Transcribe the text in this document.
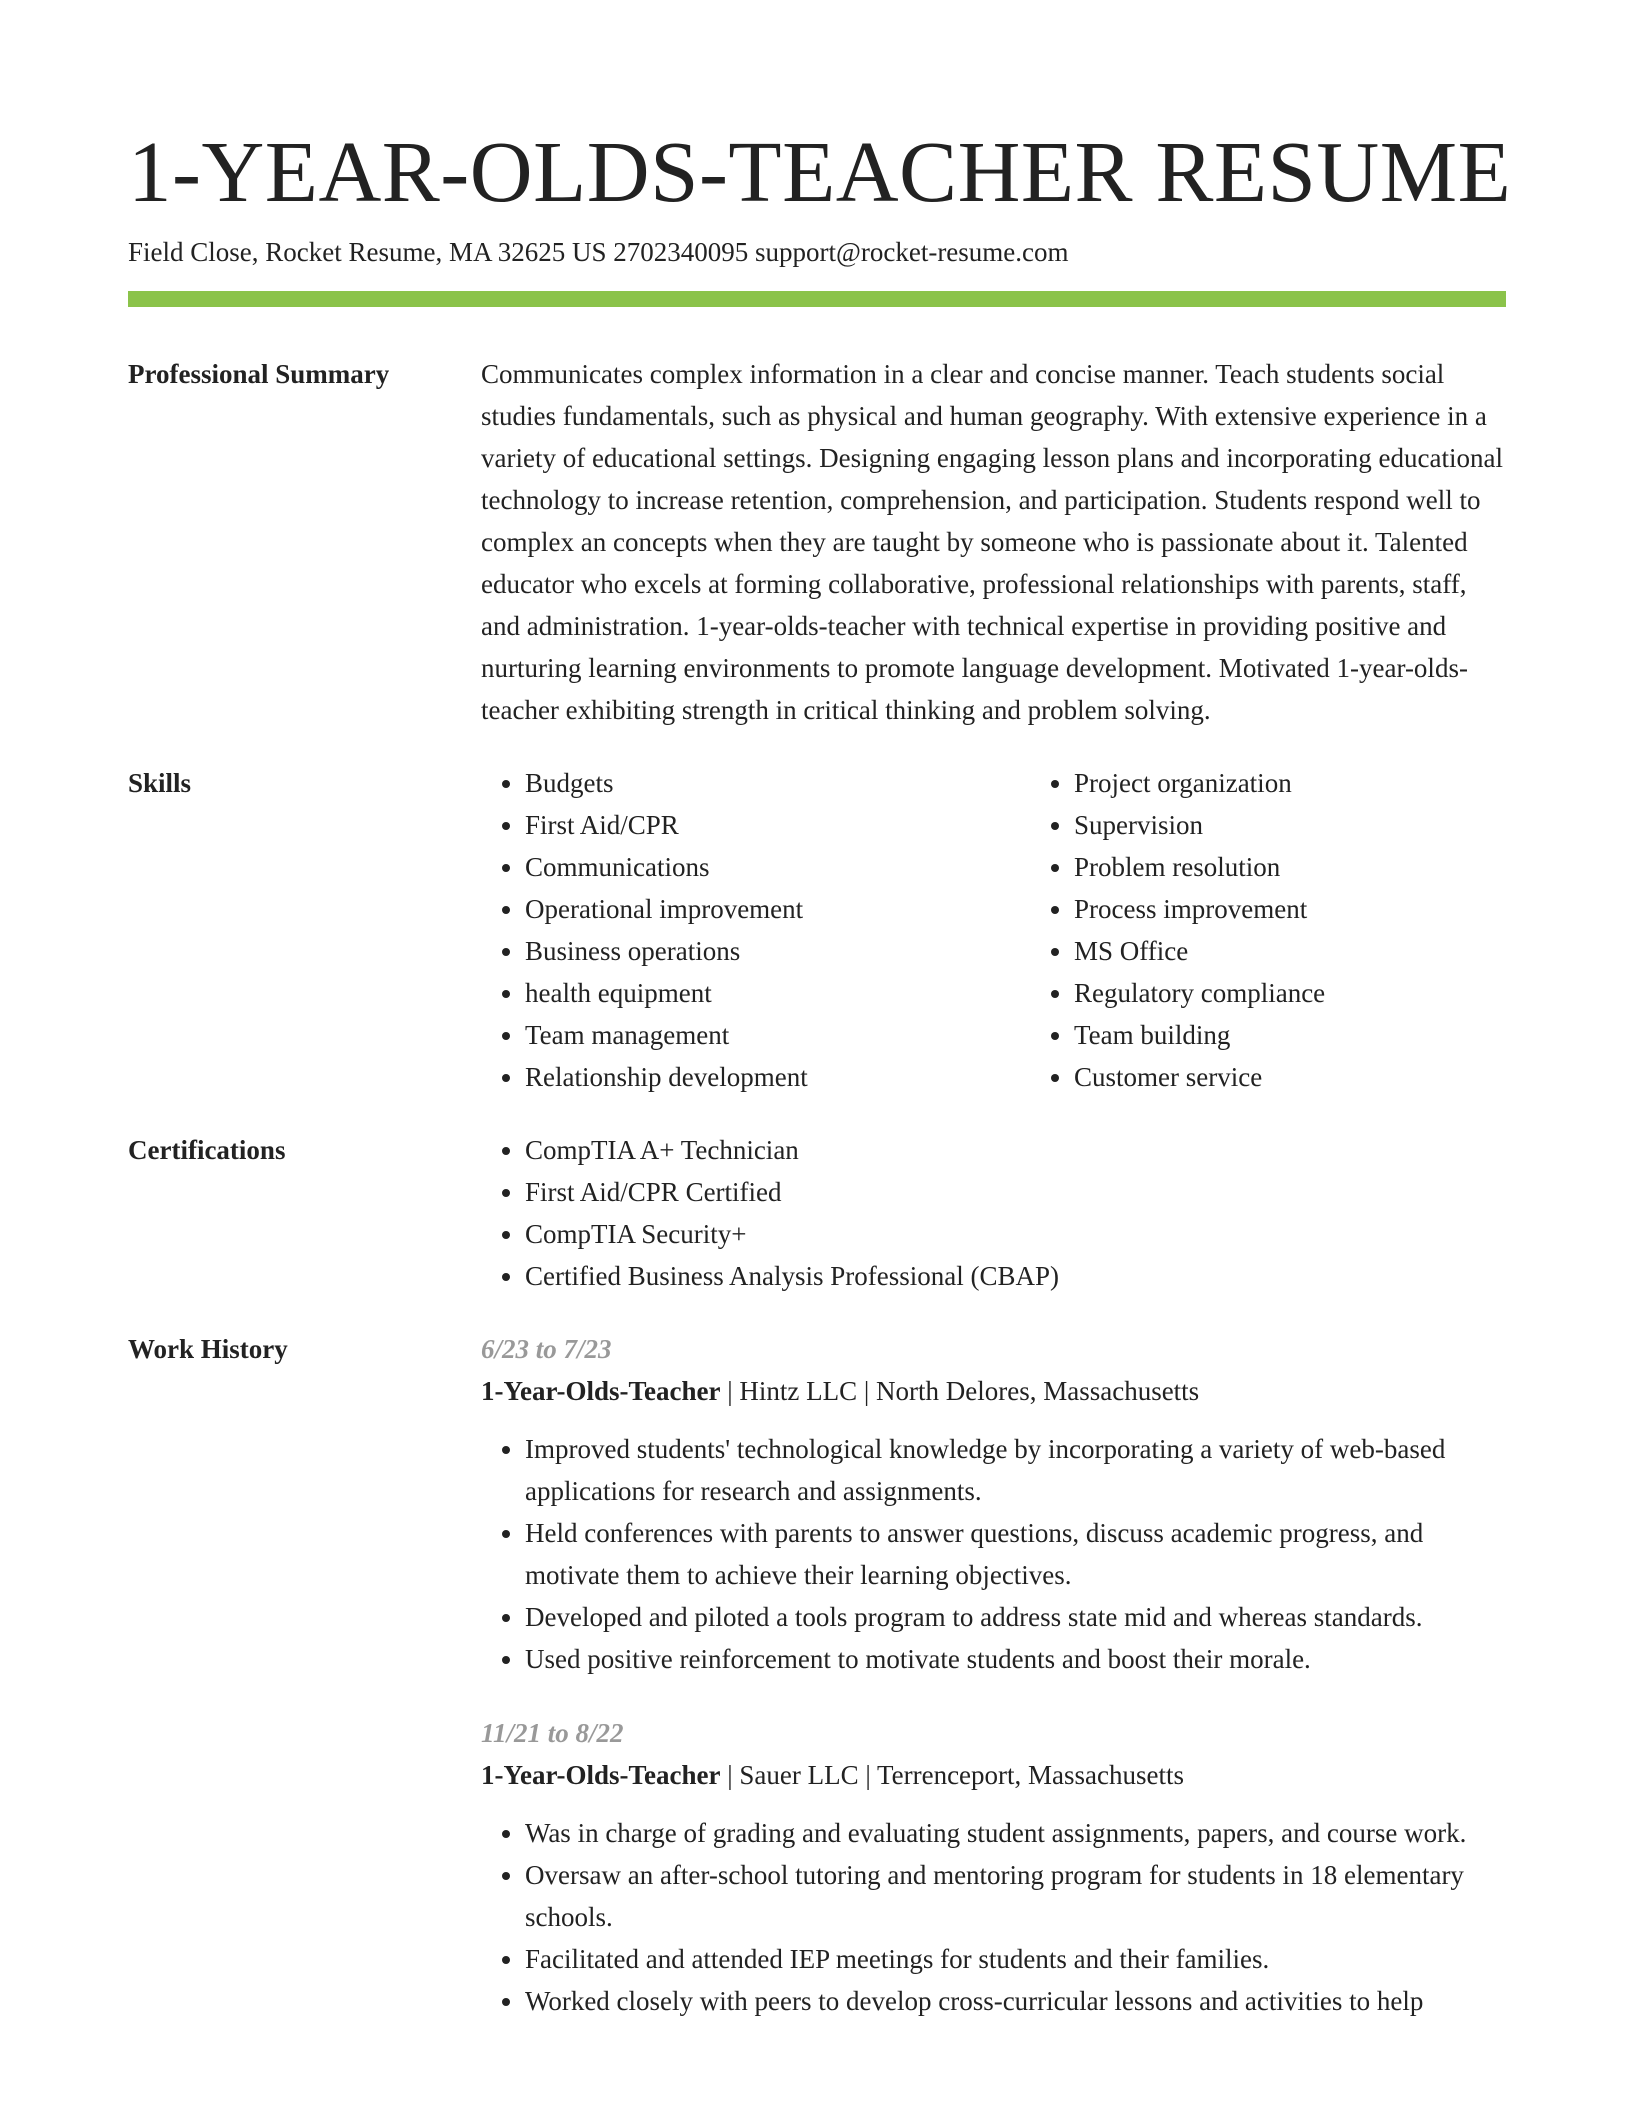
1-YEAR-OLDS-TEACHER RESUME
Field Close, Rocket Resume, MA 32625 US 2702340095 support@rocket-resume.com
Professional Summary	Communicates complex information in a clear and concise manner. Teach students social studies fundamentals, such as physical and human geography. With extensive experience in a variety of educational settings. Designing engaging lesson plans and incorporating educational technology to increase retention, comprehension, and participation. Students respond well to complex an concepts when they are taught by someone who is passionate about it. Talented educator who excels at forming collaborative, professional relationships with parents, staff, and administration. 1-year-olds-teacher with technical expertise in providing positive and nurturing learning environments to promote language development. Motivated 1-year-olds-teacher exhibiting strength in critical thinking and problem solving.

Skills	• Budgets
• First Aid/CPR
• Communications
• Operational improvement
• Business operations
• health equipment
• Team management
• Relationship development
• Project organization
• Supervision
• Problem resolution
• Process improvement
• MS Office
• Regulatory compliance
• Team building
• Customer service
Certifications	• CompTIA A+ Technician
• First Aid/CPR Certified
• CompTIA Security+
• Certified Business Analysis Professional (CBAP)
Work History	6/23 to 7/23
1-Year-Olds-Teacher | Hintz LLC | North Delores, Massachusetts
• Improved students' technological knowledge by incorporating a variety of web-based applications for research and assignments.
• Held conferences with parents to answer questions, discuss academic progress, and motivate them to achieve their learning objectives.
• Developed and piloted a tools program to address state mid and whereas standards.
• Used positive reinforcement to motivate students and boost their morale.
11/21 to 8/22
1-Year-Olds-Teacher | Sauer LLC | Terrenceport, Massachusetts
• Was in charge of grading and evaluating student assignments, papers, and course work.
• Oversaw an after-school tutoring and mentoring program for students in 18 elementary schools.
• Facilitated and attended IEP meetings for students and their families.
• Worked closely with peers to develop cross-curricular lessons and activities to help
